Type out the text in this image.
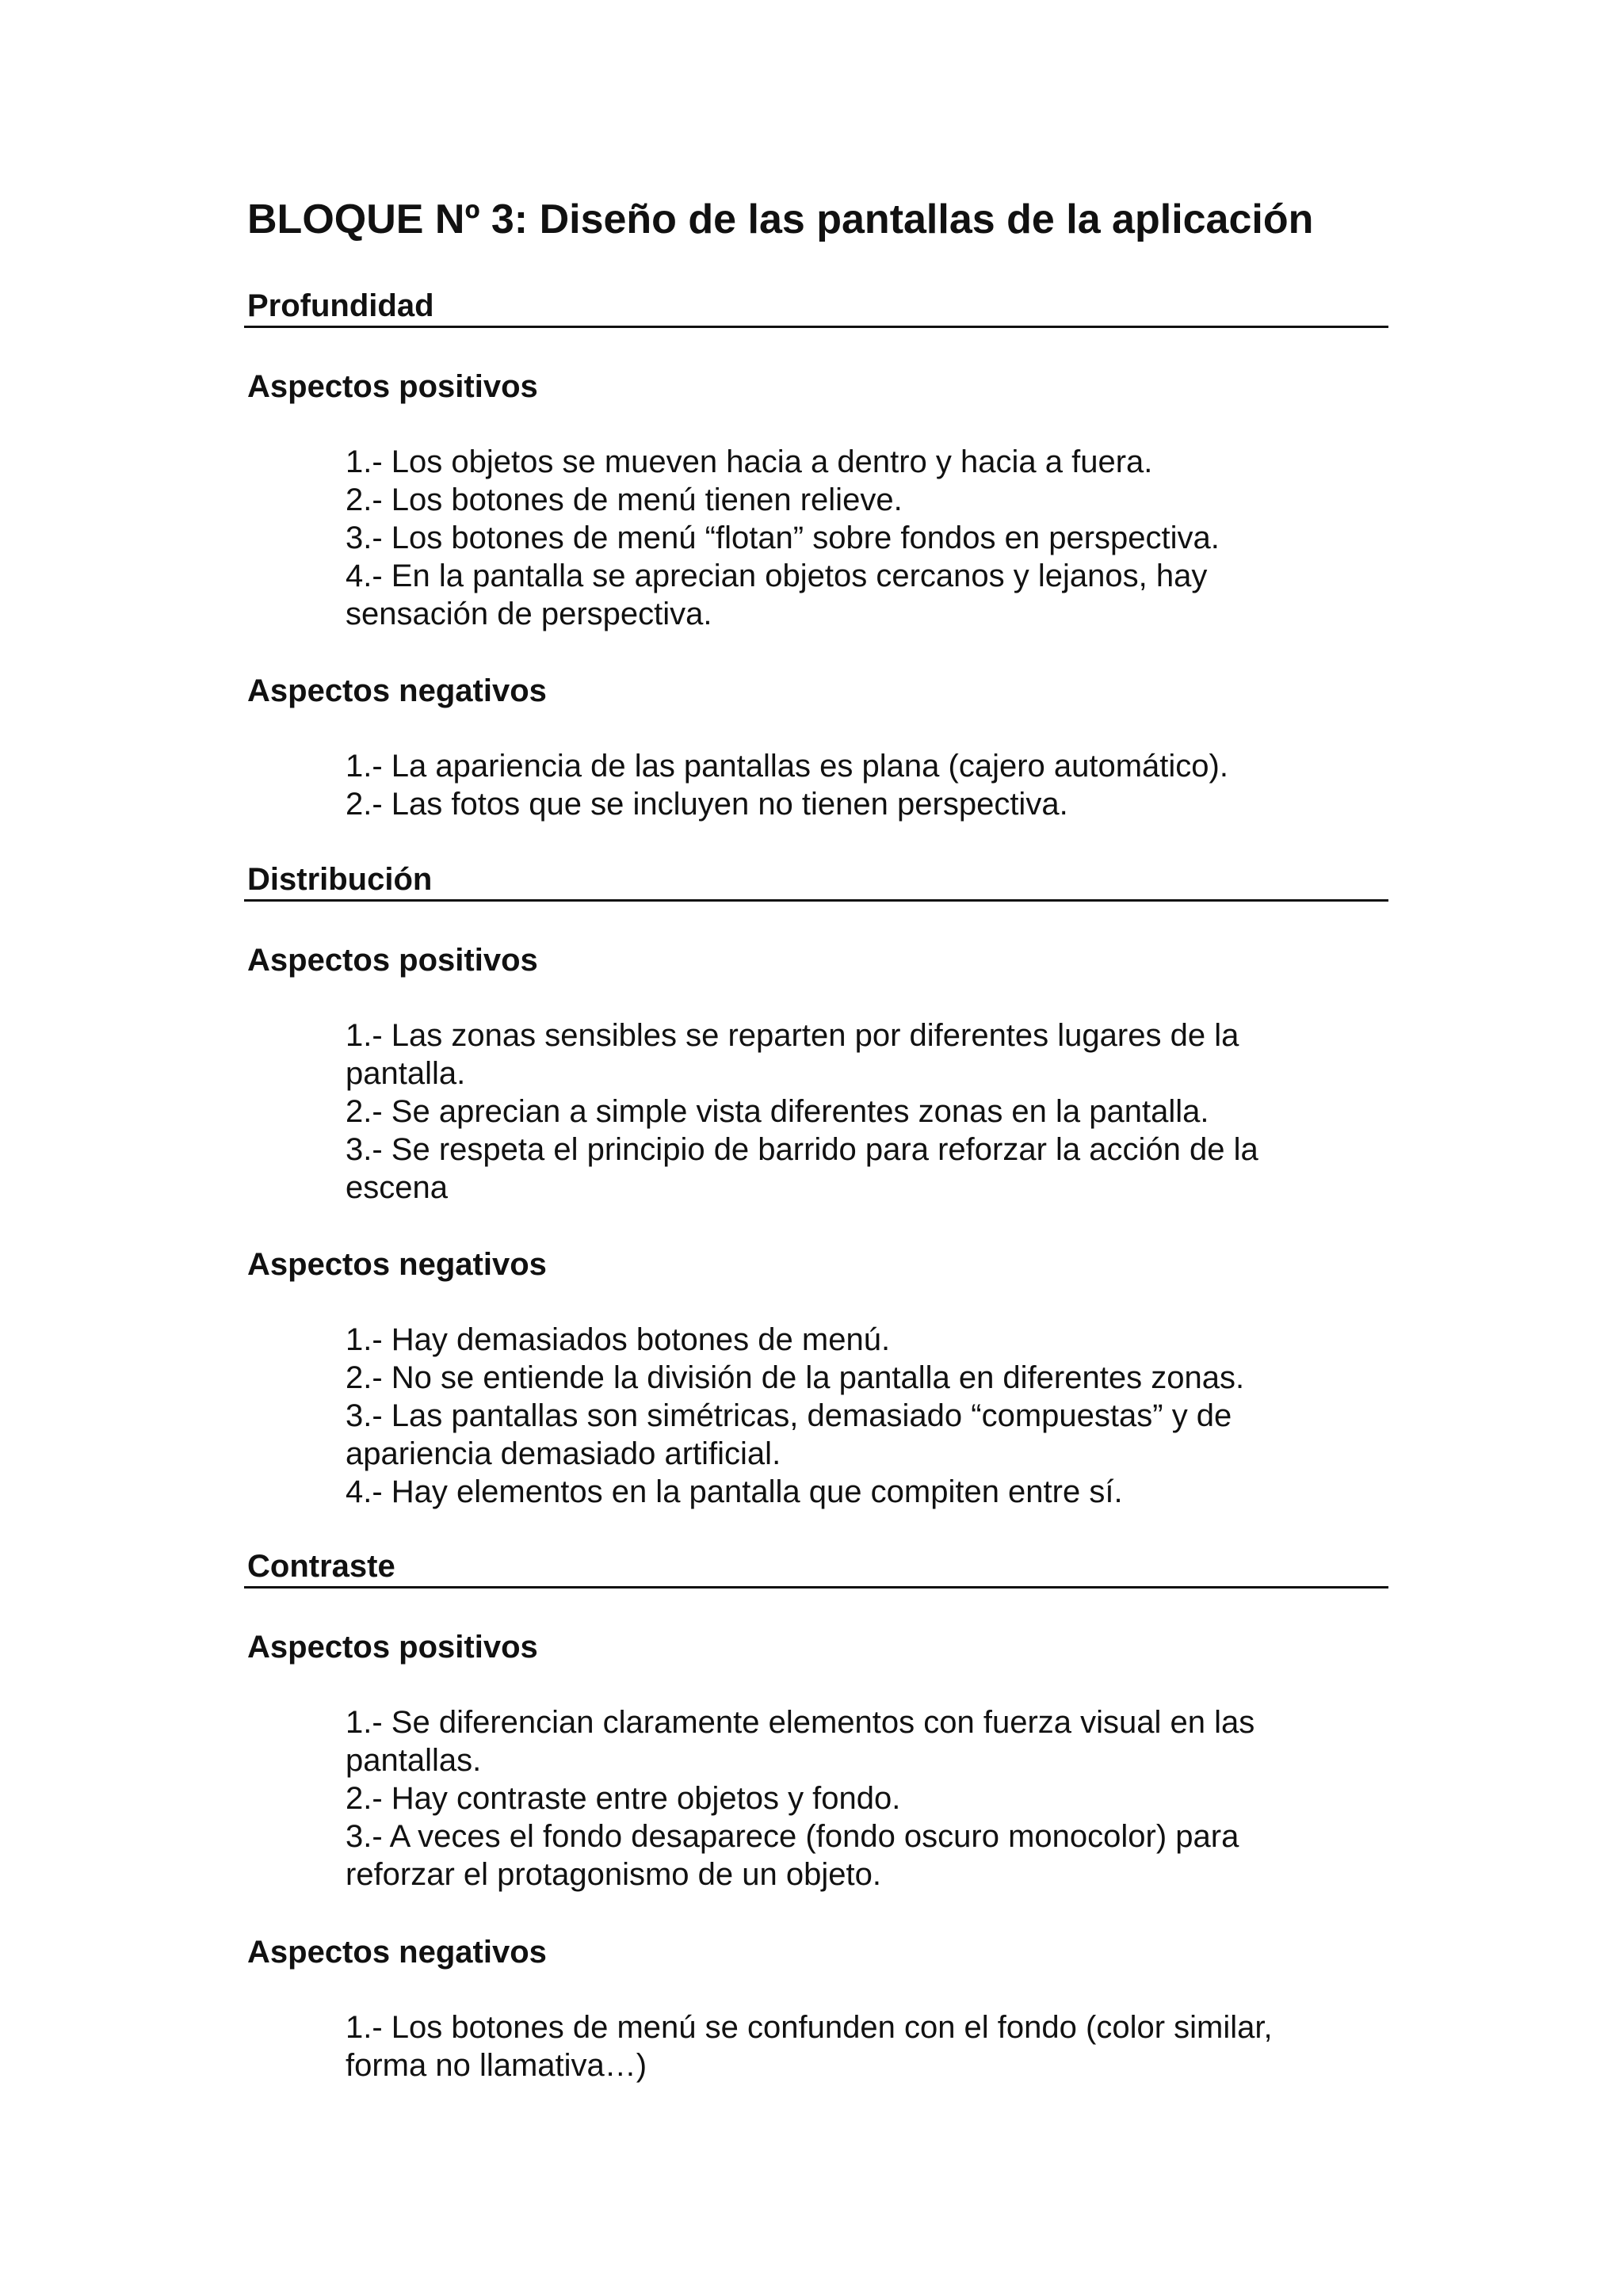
BLOQUE Nº 3: Diseño de las pantallas de la aplicación
Profundidad
Aspectos positivos
1.- Los objetos se mueven hacia a dentro y hacia a fuera.
2.- Los botones de menú tienen relieve.
3.- Los botones de menú “flotan” sobre fondos en perspectiva.
4.- En la pantalla se aprecian objetos cercanos y lejanos, hay sensación de perspectiva.
Aspectos negativos
1.- La apariencia de las pantallas es plana (cajero automático).
2.- Las fotos que se incluyen no tienen perspectiva.
Distribución
Aspectos positivos
1.- Las zonas sensibles se reparten por diferentes lugares de la pantalla.
2.- Se aprecian a simple vista diferentes zonas en la pantalla.
3.- Se respeta el principio de barrido para reforzar la acción de la escena
Aspectos negativos
1.- Hay demasiados botones de menú.
2.- No se entiende la división de la pantalla en diferentes zonas.
3.- Las pantallas son simétricas, demasiado “compuestas” y de apariencia demasiado artificial.
4.- Hay elementos en la pantalla que compiten entre sí.
Contraste
Aspectos positivos
1.- Se diferencian claramente elementos con fuerza visual en las pantallas.
2.- Hay contraste entre objetos y fondo.
3.- A veces el fondo desaparece (fondo oscuro monocolor) para reforzar el protagonismo de un objeto.
Aspectos negativos
1.- Los botones de menú se confunden con el fondo (color similar, forma no llamativa…)
